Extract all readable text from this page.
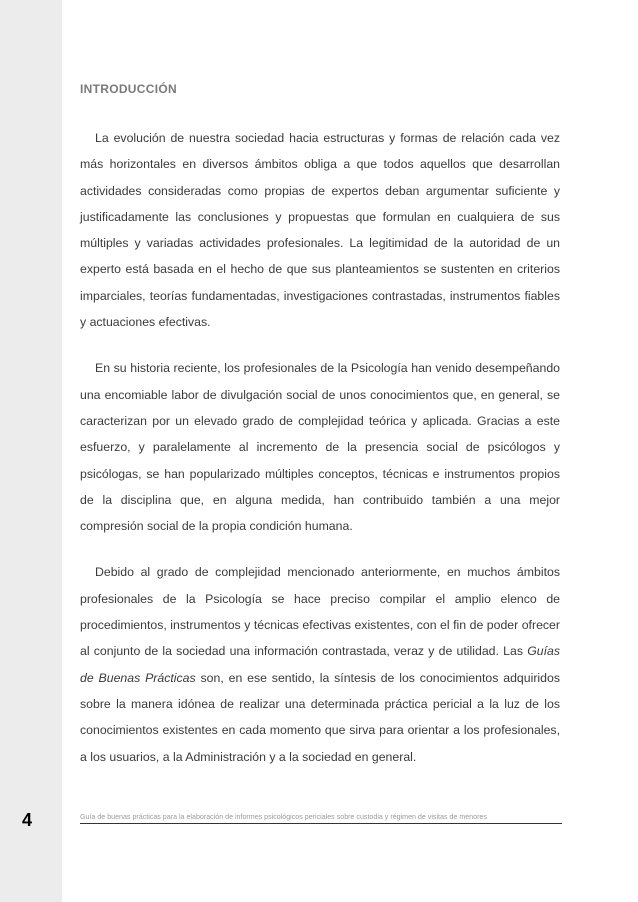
INTRODUCCIÓN

La evolución de nuestra sociedad hacia estructuras y formas de relación cada vez más horizontales en diversos ámbitos obliga a que todos aquellos que desarrollan actividades consideradas como propias de expertos deban argumentar suficiente y justificadamente las conclusiones y propuestas que formulan en cualquiera de sus múltiples y variadas actividades profesionales. La legitimidad de la autoridad de un experto está basada en el hecho de que sus planteamientos se sustenten en criterios imparciales, teorías fundamentadas, investigaciones contrastadas, instrumentos fiables y actuaciones efectivas.

En su historia reciente, los profesionales de la Psicología han venido desempeñando una encomiable labor de divulgación social de unos conocimientos que, en general, se caracterizan por un elevado grado de complejidad teórica y aplicada. Gracias a este esfuerzo, y paralelamente al incremento de la presencia social de psicólogos y psicólogas, se han popularizado múltiples conceptos, técnicas e instrumentos propios de la disciplina que, en alguna medida, han contribuido también a una mejor compresión social de la propia condición humana.

Debido al grado de complejidad mencionado anteriormente, en muchos ámbitos profesionales de la Psicología se hace preciso compilar el amplio elenco de procedimientos, instrumentos y técnicas efectivas existentes, con el fin de poder ofrecer al conjunto de la sociedad una información contrastada, veraz y de utilidad. Las Guías de Buenas Prácticas son, en ese sentido, la síntesis de los conocimientos adquiridos sobre la manera idónea de realizar una determinada práctica pericial a la luz de los conocimientos existentes en cada momento que sirva para orientar a los profesionales, a los usuarios, a la Administración y a la sociedad en general.

4	Guía de buenas prácticas para la elaboración de informes psicológicos periciales sobre custodia y régimen de visitas de menores
